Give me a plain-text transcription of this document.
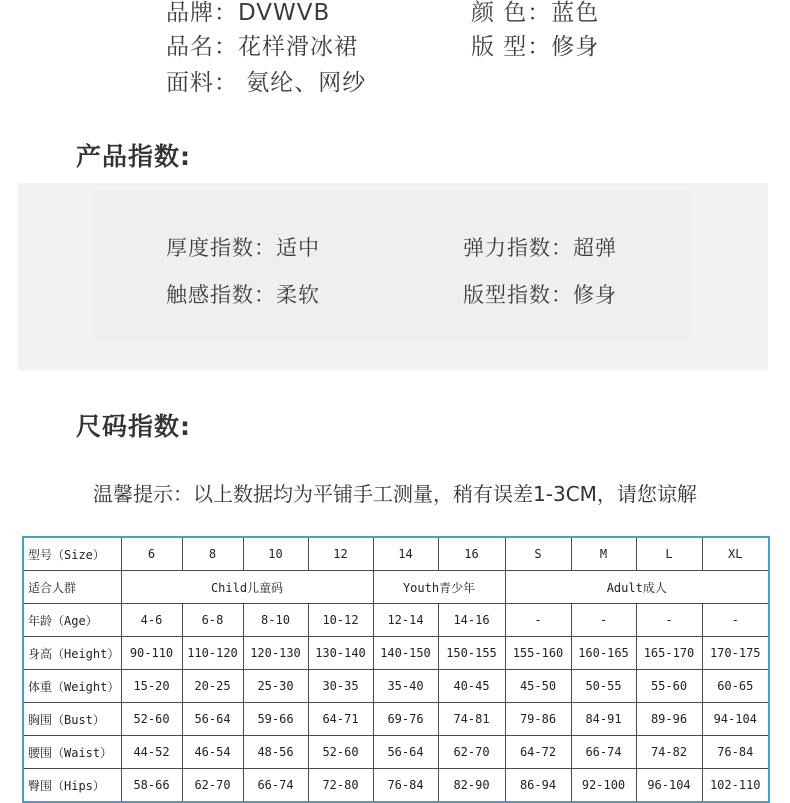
品牌：DVWVB	颜 色：蓝色
品名：花样滑冰裙	版 型：修身
面料： 氨纶、网纱
产品指数:
厚度指数：适中	弹力指数：超弹
触感指数：柔软	版型指数：修身
尺码指数:
温馨提示：以上数据均为平铺手工测量，稍有误差1-3CM，请您谅解
型号（Size）	6	8	10	12	14	16	S	M	L	XL
适合人群	Child儿童码				Youth青少年		Adult成人			
年龄（Age）	4-6	6-8	8-10	10-12	12-14	14-16	-	-	-	-
身高（Height）	90-110	110-120	120-130	130-140	140-150	150-155	155-160	160-165	165-170	170-175
体重（Weight）	15-20	20-25	25-30	30-35	35-40	40-45	45-50	50-55	55-60	60-65
胸围（Bust）	52-60	56-64	59-66	64-71	69-76	74-81	79-86	84-91	89-96	94-104
腰围（Waist）	44-52	46-54	48-56	52-60	56-64	62-70	64-72	66-74	74-82	76-84
臀围（Hips）	58-66	62-70	66-74	72-80	76-84	82-90	86-94	92-100	96-104	102-110
